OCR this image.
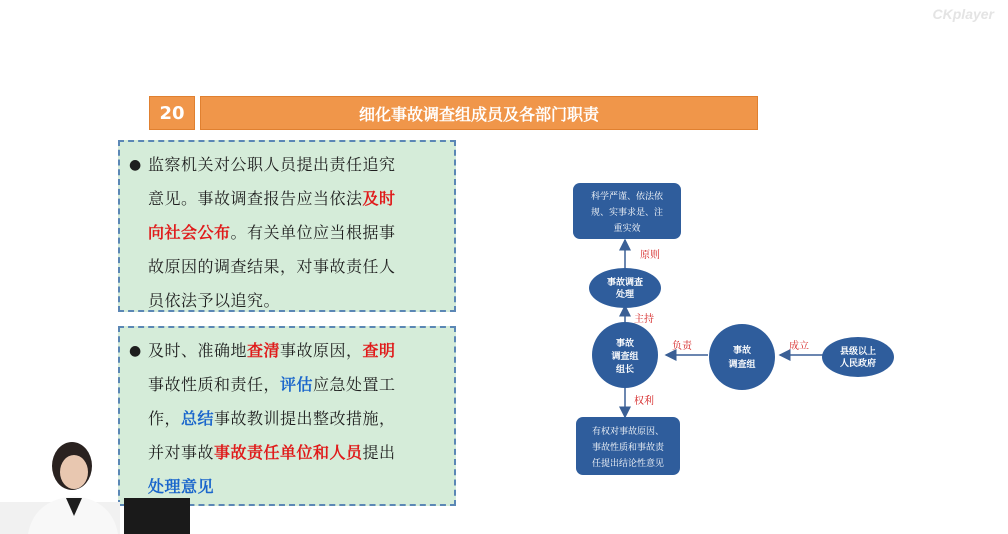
CKplayer
20	细化事故调查组成员及各部门职责
● 监察机关对公职人员提出责任追究
意见。事故调查报告应当依法及时
向社会公布。有关单位应当根据事
故原因的调查结果，对事故责任人
员依法予以追究。
● 及时、准确地查清事故原因，查明
事故性质和责任，评估应急处置工
作，总结事故教训提出整改措施，
并对事故事故责任单位和人员提出
处理意见
科学严谨、依法依
规、实事求是、注
重实效
原则
事故调查
处理
主持
事故
调查组
组长
负责	事故
调查组
成立	县级以上
人民政府
权利
有权对事故原因、
事故性质和事故责
任提出结论性意见
